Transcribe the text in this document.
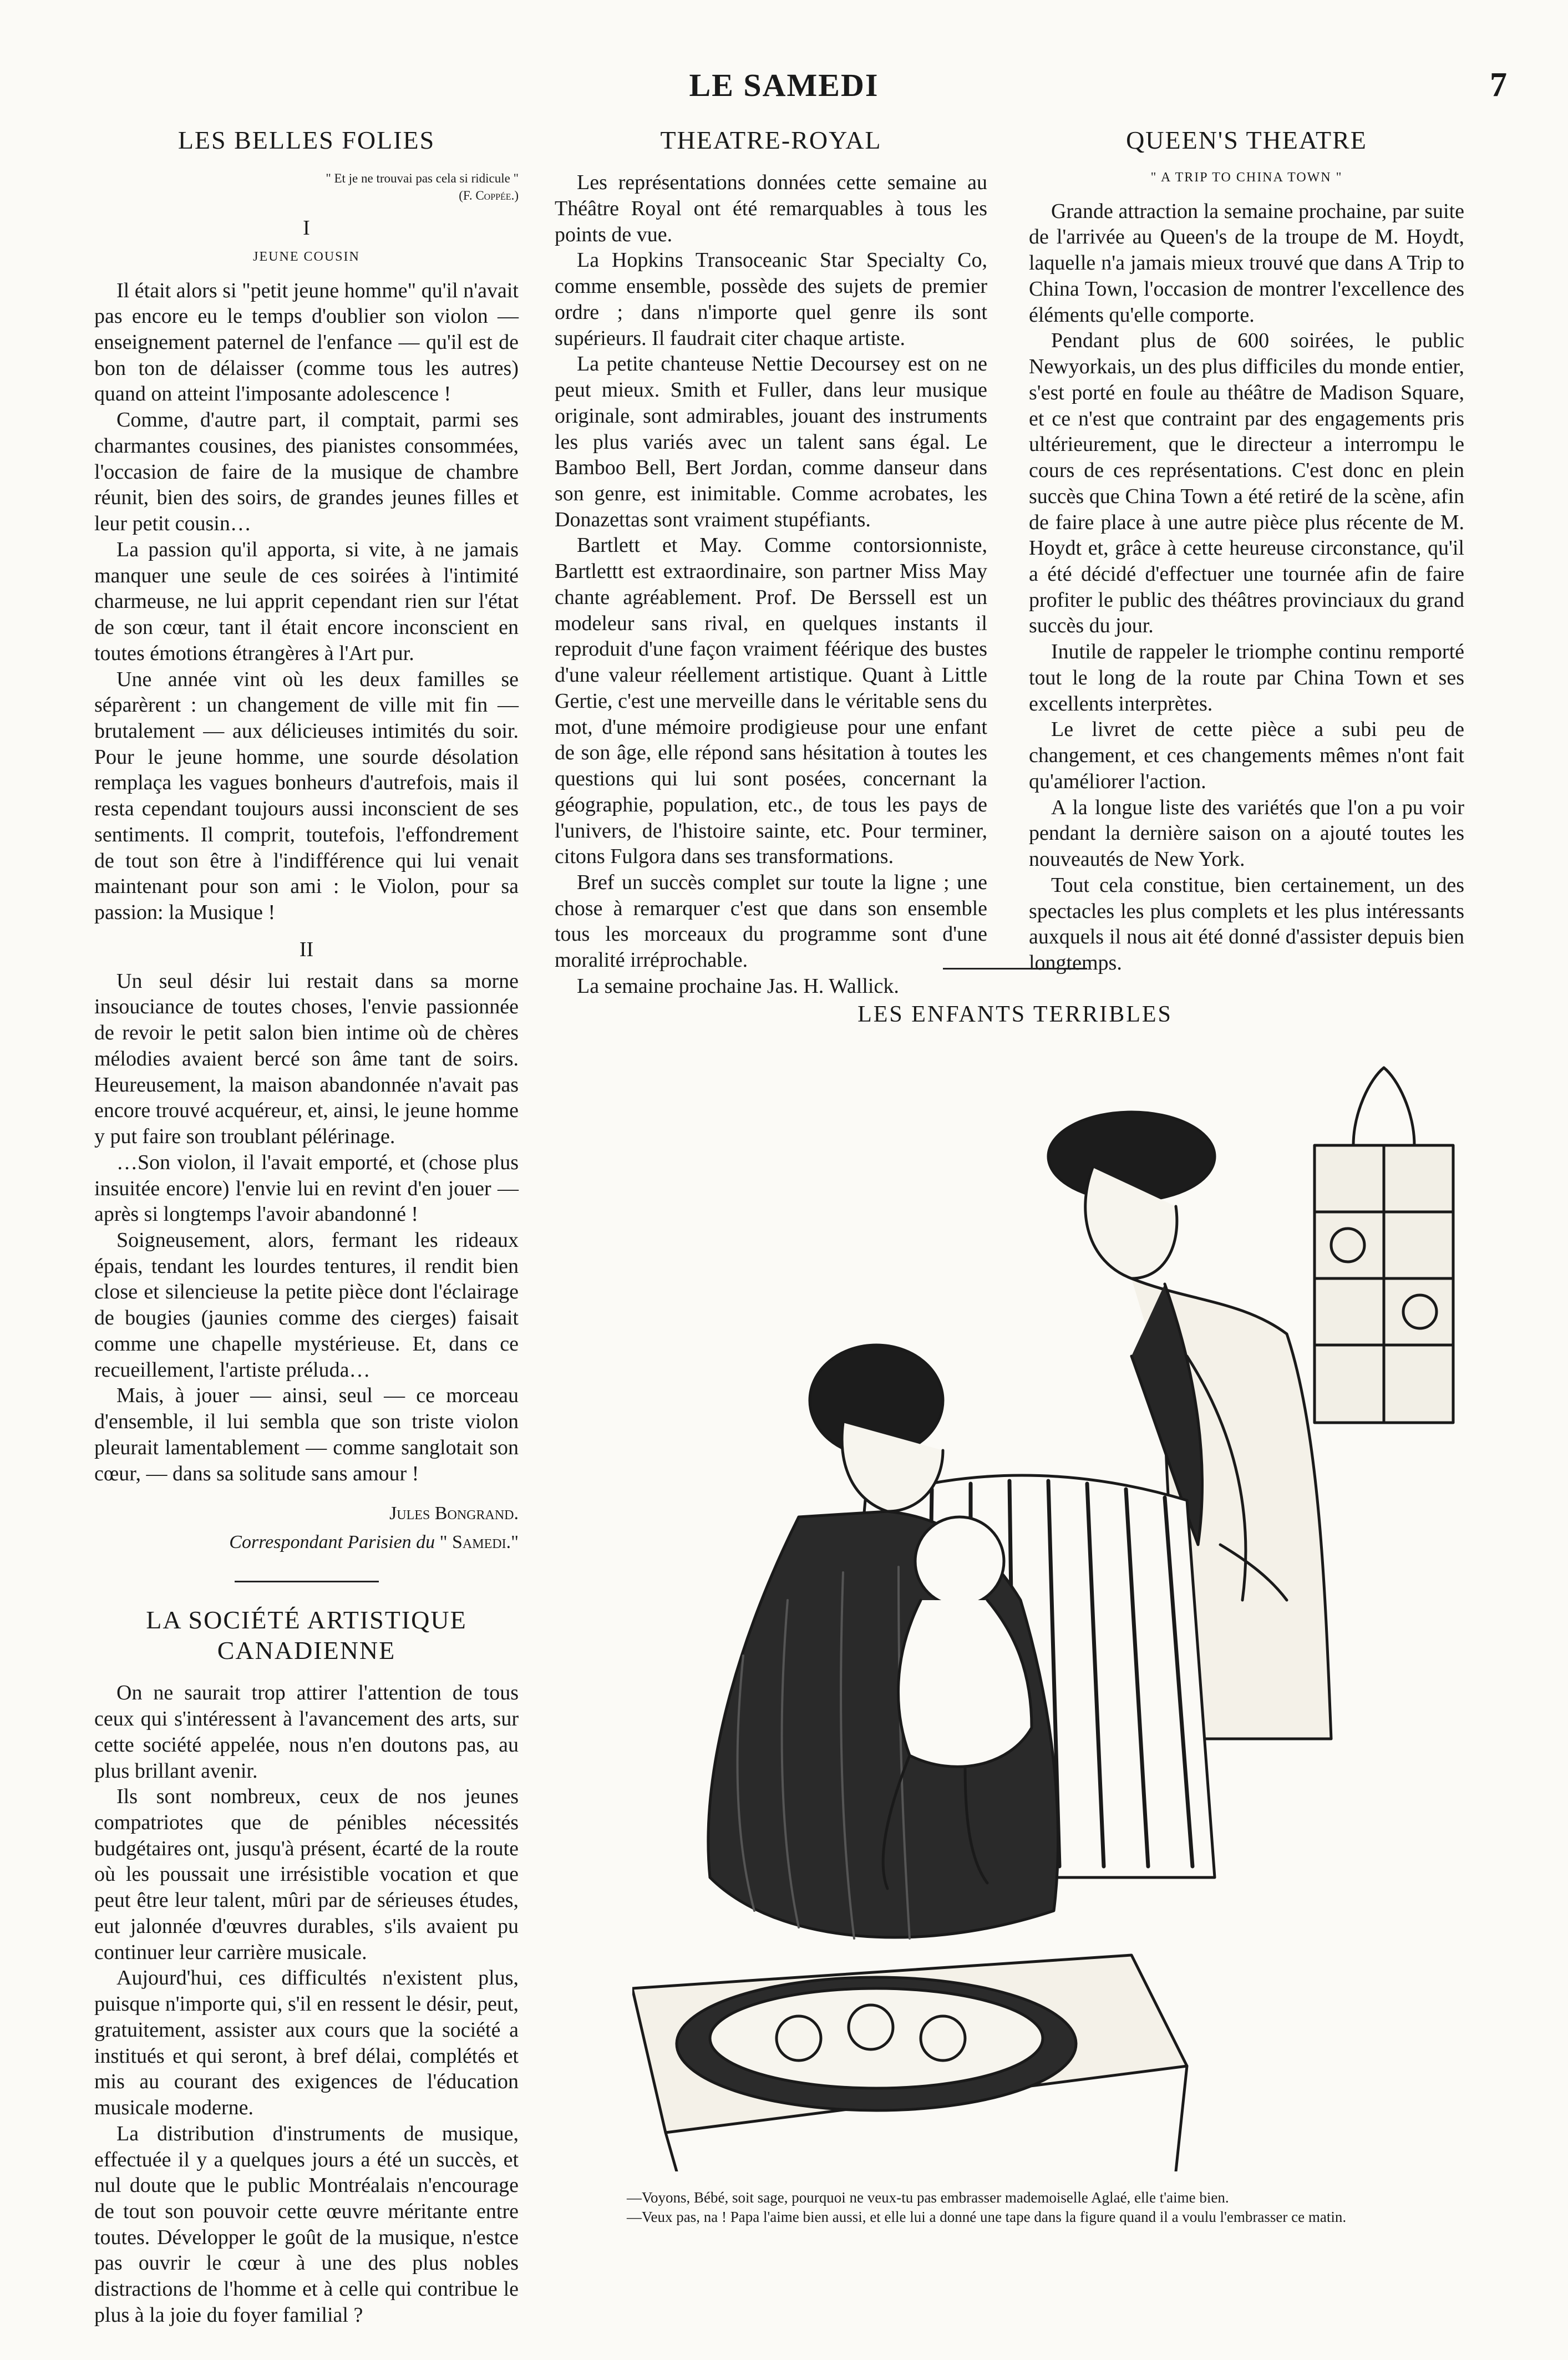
LE SAMEDI	7
LES BELLES FOLIES
" Et je ne trouvai pas cela si ridicule "
(F. Coppée.)
I
JEUNE COUSIN

Il était alors si "petit jeune homme" qu'il n'avait pas encore eu le temps d'oublier son violon — enseignement paternel de l'enfance — qu'il est de bon ton de délaisser (comme tous les autres) quand on atteint l'imposante adolescence !

Comme, d'autre part, il comptait, parmi ses charmantes cousines, des pianistes consommées, l'occasion de faire de la musique de chambre réunit, bien des soirs, de grandes jeunes filles et leur petit cousin…

La passion qu'il apporta, si vite, à ne jamais manquer une seule de ces soirées à l'intimité charmeuse, ne lui apprit cependant rien sur l'état de son cœur, tant il était encore inconscient en toutes émotions étrangères à l'Art pur.

Une année vint où les deux familles se séparèrent : un changement de ville mit fin — brutalement — aux délicieuses intimités du soir. Pour le jeune homme, une sourde désolation remplaça les vagues bonheurs d'autrefois, mais il resta cependant toujours aussi inconscient de ses sentiments. Il comprit, toutefois, l'effondrement de tout son être à l'indifférence qui lui venait maintenant pour son ami : le Violon, pour sa passion: la Musique !

II

Un seul désir lui restait dans sa morne insouciance de toutes choses, l'envie passionnée de revoir le petit salon bien intime où de chères mélodies avaient bercé son âme tant de soirs. Heureusement, la maison abandonnée n'avait pas encore trouvé acquéreur, et, ainsi, le jeune homme y put faire son troublant pélérinage.

…Son violon, il l'avait emporté, et (chose plus insuitée encore) l'envie lui en revint d'en jouer — après si longtemps l'avoir abandonné !

Soigneusement, alors, fermant les rideaux épais, tendant les lourdes tentures, il rendit bien close et silencieuse la petite pièce dont l'éclairage de bougies (jaunies comme des cierges) faisait comme une chapelle mystérieuse. Et, dans ce recueillement, l'artiste préluda…

Mais, à jouer — ainsi, seul — ce morceau d'ensemble, il lui sembla que son triste violon pleurait lamentablement — comme sanglotait son cœur, — dans sa solitude sans amour !

Jules Bongrand.
Correspondant Parisien du " Samedi."
LA SOCIÉTÉ ARTISTIQUE CANADIENNE

On ne saurait trop attirer l'attention de tous ceux qui s'intéressent à l'avancement des arts, sur cette société appelée, nous n'en doutons pas, au plus brillant avenir.

Ils sont nombreux, ceux de nos jeunes compatriotes que de pénibles nécessités budgétaires ont, jusqu'à présent, écarté de la route où les poussait une irrésistible vocation et que peut être leur talent, mûri par de sérieuses études, eut jalonnée d'œuvres durables, s'ils avaient pu continuer leur carrière musicale.

Aujourd'hui, ces difficultés n'existent plus, puisque n'importe qui, s'il en ressent le désir, peut, gratuitement, assister aux cours que la société a institués et qui seront, à bref délai, complétés et mis au courant des exigences de l'éducation musicale moderne.

La distribution d'instruments de musique, effectuée il y a quelques jours a été un succès, et nul doute que le public Montréalais n'encourage de tout son pouvoir cette œuvre méritante entre toutes. Développer le goût de la musique, n'estce pas ouvrir le cœur à une des plus nobles distractions de l'homme et à celle qui contribue le plus à la joie du foyer familial ?

THEATRE-ROYAL

Les représentations données cette semaine au Théâtre Royal ont été remarquables à tous les points de vue.

La Hopkins Transoceanic Star Specialty Co, comme ensemble, possède des sujets de premier ordre ; dans n'importe quel genre ils sont supérieurs. Il faudrait citer chaque artiste.

La petite chanteuse Nettie Decoursey est on ne peut mieux. Smith et Fuller, dans leur musique originale, sont admirables, jouant des instruments les plus variés avec un talent sans égal. Le Bamboo Bell, Bert Jordan, comme danseur dans son genre, est inimitable. Comme acrobates, les Donazettas sont vraiment stupéfiants.

Bartlett et May. Comme contorsionniste, Bartlettt est extraordinaire, son partner Miss May chante agréablement. Prof. De Berssell est un modeleur sans rival, en quelques instants il reproduit d'une façon vraiment féérique des bustes d'une valeur réellement artistique. Quant à Little Gertie, c'est une merveille dans le véritable sens du mot, d'une mémoire prodigieuse pour une enfant de son âge, elle répond sans hésitation à toutes les questions qui lui sont posées, concernant la géographie, population, etc., de tous les pays de l'univers, de l'histoire sainte, etc. Pour terminer, citons Fulgora dans ses transformations.

Bref un succès complet sur toute la ligne ; une chose à remarquer c'est que dans son ensemble tous les morceaux du programme sont d'une moralité irréprochable.

La semaine prochaine Jas. H. Wallick.

QUEEN'S THEATRE
" A TRIP TO CHINA TOWN "

Grande attraction la semaine prochaine, par suite de l'arrivée au Queen's de la troupe de M. Hoydt, laquelle n'a jamais mieux trouvé que dans A Trip to China Town, l'occasion de montrer l'excellence des éléments qu'elle comporte.

Pendant plus de 600 soirées, le public Newyorkais, un des plus difficiles du monde entier, s'est porté en foule au théâtre de Madison Square, et ce n'est que contraint par des engagements pris ultérieurement, que le directeur a interrompu le cours de ces représentations. C'est donc en plein succès que China Town a été retiré de la scène, afin de faire place à une autre pièce plus récente de M. Hoydt et, grâce à cette heureuse circonstance, qu'il a été décidé d'effectuer une tournée afin de faire profiter le public des théâtres provinciaux du grand succès du jour.

Inutile de rappeler le triomphe continu remporté tout le long de la route par China Town et ses excellents interprètes.

Le livret de cette pièce a subi peu de changement, et ces changements mêmes n'ont fait qu'améliorer l'action.

A la longue liste des variétés que l'on a pu voir pendant la dernière saison on a ajouté toutes les nouveautés de New York.

Tout cela constitue, bien certainement, un des spectacles les plus complets et les plus intéressants auxquels il nous ait été donné d'assister depuis bien longtemps.

LES ENFANTS TERRIBLES

—Voyons, Bébé, soit sage, pourquoi ne veux-tu pas embrasser mademoiselle Aglaé, elle t'aime bien.

—Veux pas, na ! Papa l'aime bien aussi, et elle lui a donné une tape dans la figure quand il a voulu l'embrasser ce matin.
